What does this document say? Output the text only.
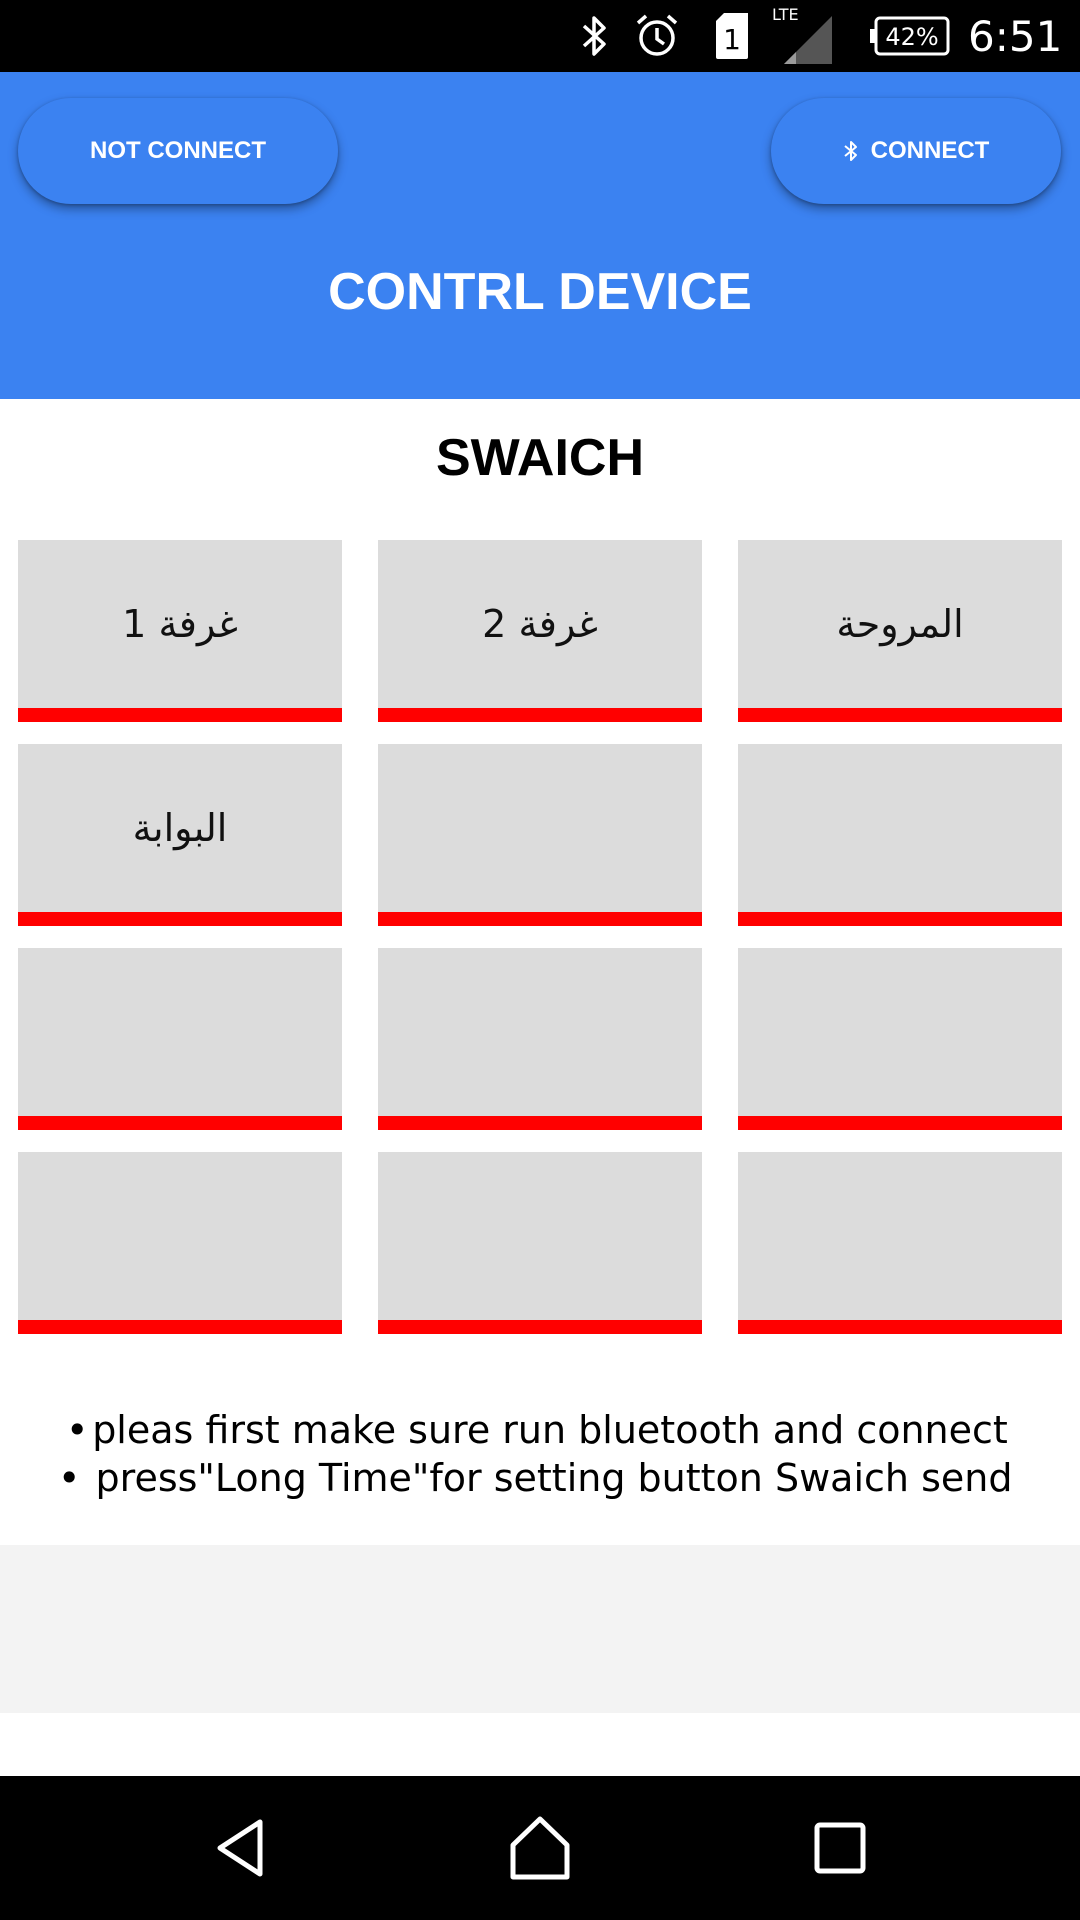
1
LTE
42% 6:51
NOT CONNECT	CONNECT
CONTRL DEVICE
SWAICH
غرفة 1	غرفة 2	المروحة
البوابة
• pleas first make sure run bluetooth and connect
• press"Long Time"for setting button Swaich send
